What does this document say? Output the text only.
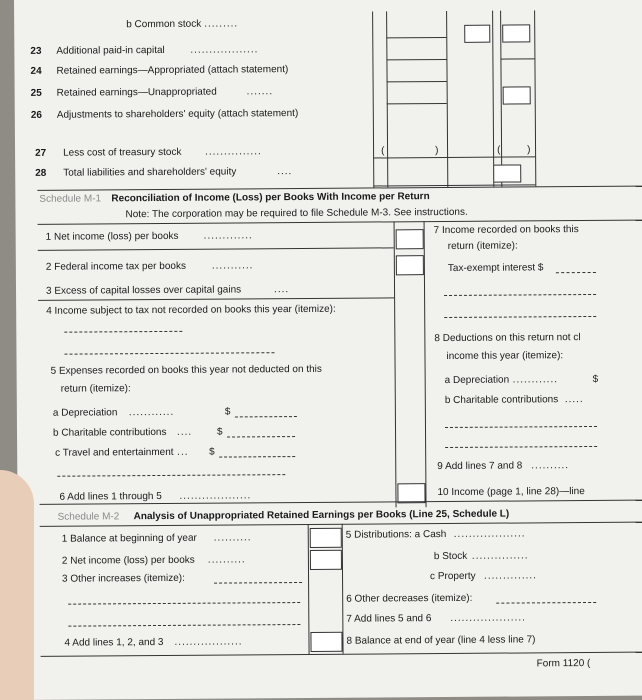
b Common stock .........
23 Additional paid-in capital	..................
24 Retained earnings—Appropriated (attach statement)
25 Retained earnings—Unappropriated	.......
26 Adjustments to shareholders' equity (attach statement)
27 Less cost of treasury stock ...............
28 Total liabilities and shareholders' equity	....
(	)	(	)
Schedule M-1 Reconciliation of Income (Loss) per Books With Income per Return
Note: The corporation may be required to file Schedule M-3. See instructions.
1 Net income (loss) per books	.............
2 Federal income tax per books	...........
3 Excess of capital losses over capital gains	....
4 Income subject to tax not recorded on books this year (itemize):
5 Expenses recorded on books this year not deducted on this
return (itemize):
a Depreciation ............	$
b Charitable contributions .... $
c Travel and entertainment ... $
6 Add lines 1 through 5 ...................
7 Income recorded on books this
return (itemize):
Tax-exempt interest $
8 Deductions on this return not cl
income this year (itemize):
a Depreciation ............	$
b Charitable contributions .....
9 Add lines 7 and 8 ..........
10 Income (page 1, line 28)—line
Schedule M-2 Analysis of Unappropriated Retained Earnings per Books (Line 25, Schedule L)
1 Balance at beginning of year ..........
2 Net income (loss) per books ..........
3 Other increases (itemize):
4 Add lines 1, 2, and 3 ..................
5 Distributions: a Cash ...................
b Stock ...............
c Property ..............
6 Other decreases (itemize):
7 Add lines 5 and 6 ....................
8 Balance at end of year (line 4 less line 7)
Form 1120 (
